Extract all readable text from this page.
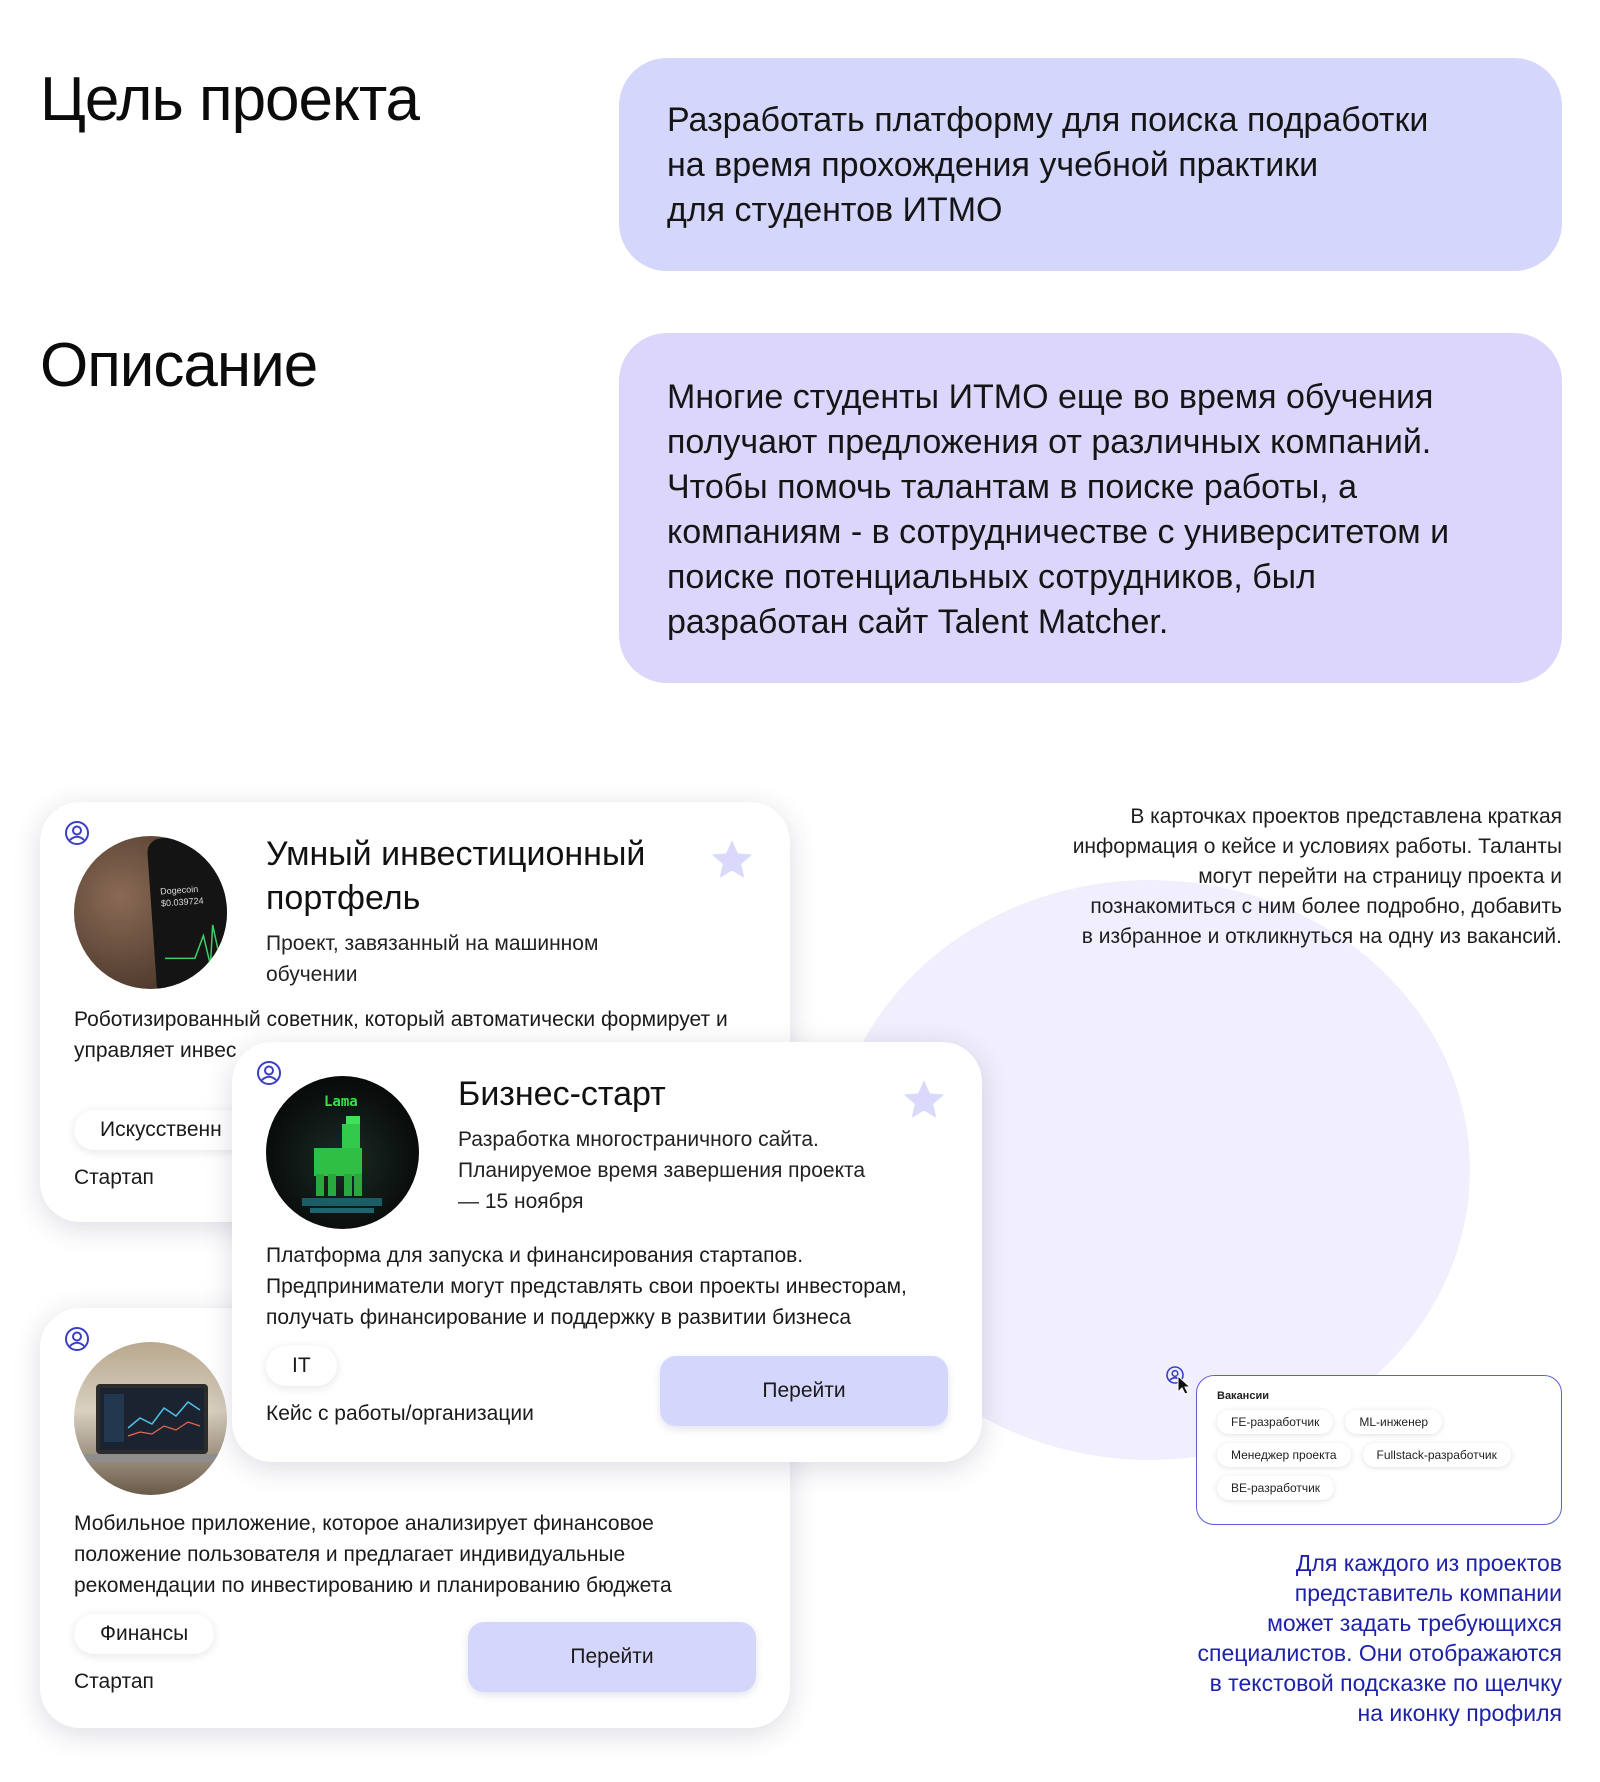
Цель проекта
Описание
Разработать платформу для поиска подработки
на время прохождения учебной практики
для студентов ИТМО
Многие студенты ИТМО еще во время обучения
получают предложения от различных компаний.
Чтобы помочь талантам в поиске работы, а
компаниям - в сотрудничестве с университетом и
поиске потенциальных сотрудников, был
разработан сайт Talent Matcher.
В карточках проектов представлена краткая
информация о кейсе и условиях работы. Таланты
могут перейти на страницу проекта и
познакомиться с ним более подробно, добавить
в избранное и откликнуться на одну из вакансий.
Dogecoin
$0.039724
Умный инвестиционный
портфель
Проект, завязанный на машинном
обучении
Роботизированный советник, который автоматически формирует и
управляет инвес
Искусственн
Стартап
Мобильное приложение, которое анализирует финансовое
положение пользователя и предлагает индивидуальные
рекомендации по инвестированию и планированию бюджета
Финансы
Стартап
Перейти
Lama	Бизнес-старт
Разработка многостраничного сайта.
Планируемое время завершения проекта
— 15 ноября
Платформа для запуска и финансирования стартапов.
Предприниматели могут представлять свои проекты инвесторам,
получать финансирование и поддержку в развитии бизнеса
IT
Кейс с работы/организации
Перейти	Вакансии
FE-разработчик	ML-инженер
Менеджер проекта	Fullstack-разработчик
BE-разработчик
Для каждого из проектов
представитель компании
может задать требующихся
специалистов. Они отображаются
в текстовой подсказке по щелчку
на иконку профиля
